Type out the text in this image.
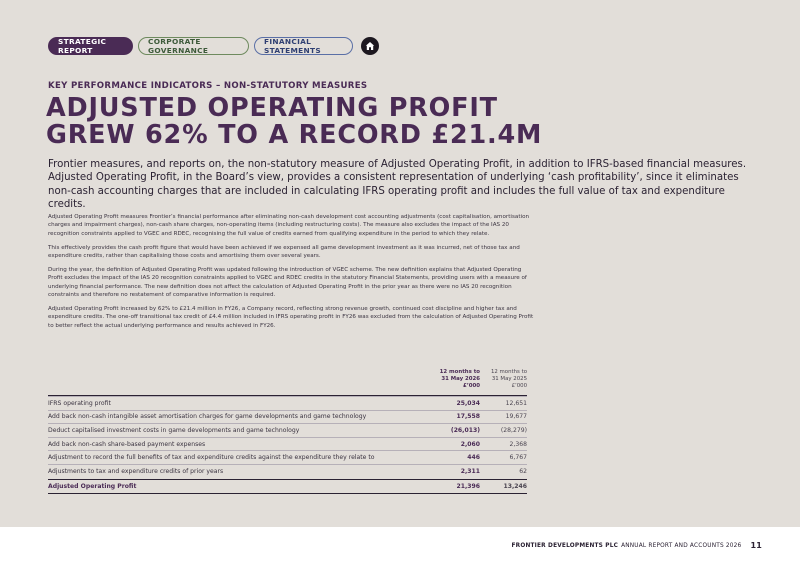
STRATEGIC REPORT
CORPORATE GOVERNANCE
FINANCIAL STATEMENTS
KEY PERFORMANCE INDICATORS – NON-STATUTORY MEASURES
ADJUSTED OPERATING PROFIT
GREW 62% TO A RECORD £21.4M

Frontier measures, and reports on, the non-statutory measure of Adjusted Operating Profit, in addition to IFRS-based financial measures. Adjusted Operating Profit, in the Board’s view, provides a consistent representation of underlying ‘cash profitability’, since it eliminates non-cash accounting charges that are included in calculating IFRS operating profit and includes the full value of tax and expenditure credits.

Adjusted Operating Profit measures Frontier’s financial performance after eliminating non-cash development cost accounting adjustments (cost capitalisation, amortisation charges and impairment charges), non-cash share charges, non-operating items (including restructuring costs). The measure also excludes the impact of the IAS 20 recognition constraints applied to VGEC and RDEC, recognising the full value of credits earned from qualifying expenditure in the period to which they relate.

This effectively provides the cash profit figure that would have been achieved if we expensed all game development investment as it was incurred, net of those tax and expenditure credits, rather than capitalising those costs and amortising them over several years.

During the year, the definition of Adjusted Operating Profit was updated following the introduction of VGEC scheme. The new definition explains that Adjusted Operating Profit excludes the impact of the IAS 20 recognition constraints applied to VGEC and RDEC credits in the statutory Financial Statements, providing users with a measure of underlying financial performance. The new definition does not affect the calculation of Adjusted Operating Profit in the prior year as there were no IAS 20 recognition constraints and therefore no restatement of comparative information is required.

Adjusted Operating Profit increased by 62% to £21.4 million in FY26, a Company record, reflecting strong revenue growth, continued cost discipline and higher tax and expenditure credits. The one-off transitional tax credit of £4.4 million included in IFRS operating profit in FY26 was excluded from the calculation of Adjusted Operating Profit to better reflect the actual underlying performance and results achieved in FY26.

12 months to
31 May 2026
£’000
12 months to
31 May 2025
£’000
IFRS operating profit	25,034	12,651
Add back non-cash intangible asset amortisation charges for game developments and game technology	17,558	19,677
Deduct capitalised investment costs in game developments and game technology	(26,013)	(28,279)
Add back non-cash share-based payment expenses	2,060	2,368
Adjustment to record the full benefits of tax and expenditure credits against the expenditure they relate to	446	6,767
Adjustments to tax and expenditure credits of prior years	2,311	62
Adjusted Operating Profit	21,396	13,246
FRONTIER DEVELOPMENTS PLC ANNUAL REPORT AND ACCOUNTS 2026 11
